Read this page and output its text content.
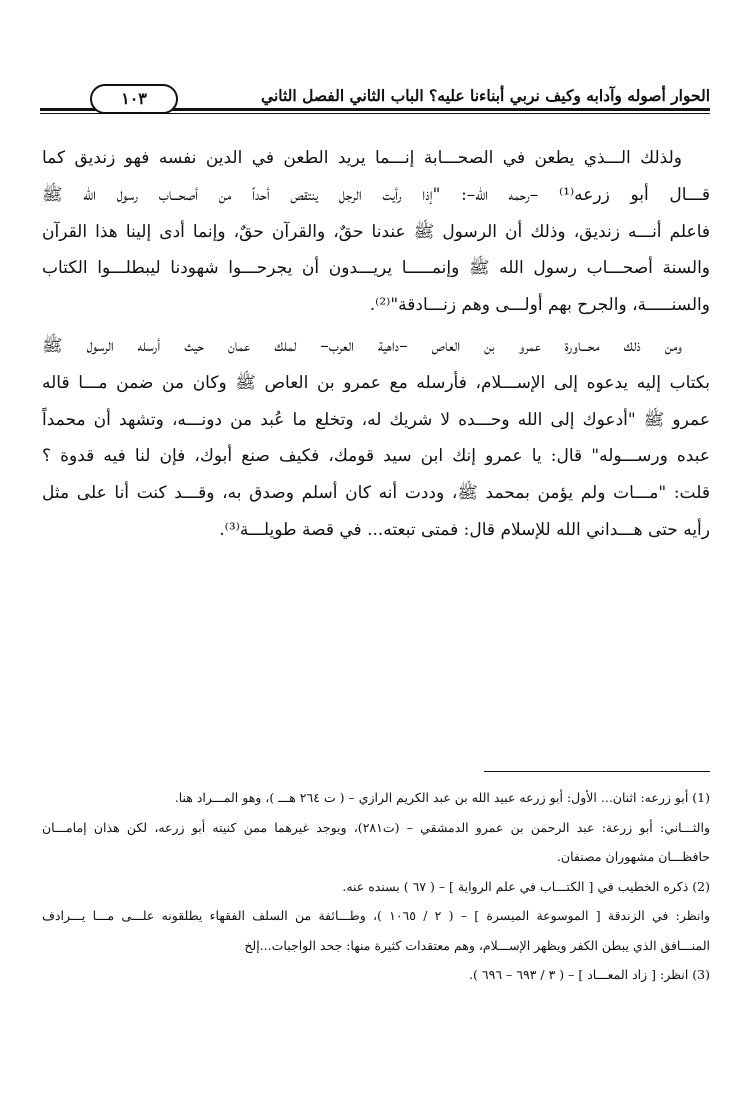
الحوار أصوله وآدابه وكيف نربي أبناءنا عليه؟ الباب الثاني الفصل الثاني
١٠٣

ولذلك الـــذي يطعن في الصحـــابة إنـــما يريد الطعن في الدين نفسه فهو زنديق كما
قـــال أبو زرعه⁽¹⁾ –رحمه الله–: "إذا رأيت الرجل ينتقص أحداً من أصحـــاب رسول الله ﷺ
فاعلم أنـــه زنديق، وذلك أن الرسول ﷺ عندنا حقٌ، والقرآن حقٌ، وإنما أدى إلينا هذا القرآن
والسنة أصحـــاب رسول الله ﷺ وإنمـــــا يريـــدون أن يجرحـــوا شهودنا ليبطلـــوا الكتاب
والسنـــــة، والجرح بهم أولـــى وهم زنـــادقة"⁽²⁾.

ومن ذلك محـــاورة عمرو بن العاص –داهية العرب– لملك عمان حيث أرسله الرسول ﷺ
بكتاب إليه يدعوه إلى الإســـلام، فأرسله مع عمرو بن العاص ﷺ وكان من ضمن مـــا قاله
عمرو ﷺ "أدعوك إلى الله وحـــده لا شريك له، وتخلع ما عُبد من دونـــه، وتشهد أن محمداً
عبده ورســـوله" قال: يا عمرو إنك ابن سيد قومك، فكيف صنع أبوك، فإن لنا فيه قدوة ؟
قلت: "مـــات ولم يؤمن بمحمد ﷺ، وددت أنه كان أسلم وصدق به، وقـــد كنت أنا على مثل
رأيه حتى هـــداني الله للإسلام قال: فمتى تبعته... في قصة طويلـــة⁽³⁾.

(1) أبو زرعه: اثنان... الأول: أبو زرعه عبيد الله بن عبد الكريم الرازي – ( ت ٢٦٤ هـــ )، وهو المـــراد هنا.
والثـــاني: أبو زرعة: عبد الرحمن بن عمرو الدمشقي – (ت٢٨١)، ويوجد غيرهما ممن كنيته أبو زرعه، لكن هذان إمامـــان
حافظـــان مشهوران مصنفان.
(2) ذكره الخطيب في [ الكتـــاب في علم الرواية ] – ( ٦٧ ) بسنده عنه.
وانظر: في الزندقة [ الموسوعة الميسرة ] – ( ٢ / ١٠٦٥ )، وطـــائفة من السلف الفقهاء يطلقونه علـــى مـــا يـــرادف
المنـــافق الذي يبطن الكفر ويظهر الإســـلام، وهم معتقدات كثيرة منها: جحد الواجبات...إلخ
(3) انظر: [ زاد المعـــاد ] – ( ٣ / ٦٩٣ – ٦٩٦ ).
